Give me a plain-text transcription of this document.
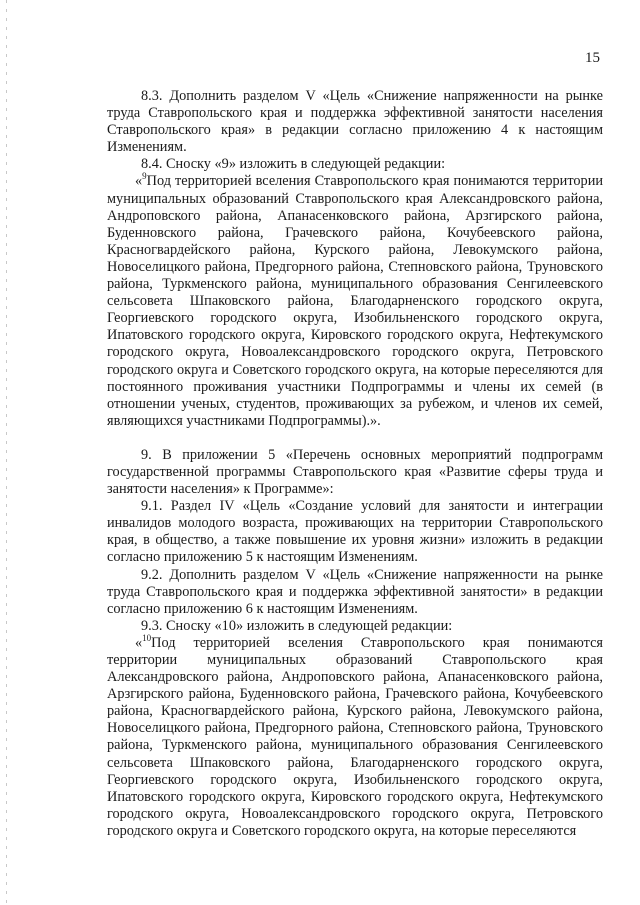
15

8.3. Дополнить разделом V «Цель «Снижение напряженности на рынке труда Ставропольского края и поддержка эффективной занятости населения Ставропольского края» в редакции согласно приложению 4 к настоящим Изменениям.

8.4. Сноску «9» изложить в следующей редакции:

«$^9$Под территорией вселения Ставропольского края понимаются территории муниципальных образований Ставропольского края Александровского района, Андроповского района, Апанасенковского района, Арзгирского района, Буденновского района, Грачевского района, Кочубеевского района, Красногвардейского района, Курского района, Левокумского района, Новоселицкого района, Предгорного района, Степновского района, Труновского района, Туркменского района, муниципального образования Сенгилеевского сельсовета Шпаковского района, Благодарненского городского округа, Георгиевского городского округа, Изобильненского городского округа, Ипатовского городского округа, Кировского городского округа, Нефтекумского городского округа, Новоалександровского городского округа, Петровского городского округа и Советского городского округа, на которые переселяются для постоянного проживания участники Подпрограммы и члены их семей (в отношении ученых, студентов, проживающих за рубежом, и членов их семей, являющихся участниками Подпрограммы).».

9. В приложении 5 «Перечень основных мероприятий подпрограмм государственной программы Ставропольского края «Развитие сферы труда и занятости населения» к Программе»:

9.1. Раздел IV «Цель «Создание условий для занятости и интеграции инвалидов молодого возраста, проживающих на территории Ставропольского края, в общество, а также повышение их уровня жизни» изложить в редакции согласно приложению 5 к настоящим Изменениям.

9.2. Дополнить разделом V «Цель «Снижение напряженности на рынке труда Ставропольского края и поддержка эффективной занятости» в редакции согласно приложению 6 к настоящим Изменениям.

9.3. Сноску «10» изложить в следующей редакции:

«$^{10}$Под территорией вселения Ставропольского края понимаются территории муниципальных образований Ставропольского края Александровского района, Андроповского района, Апанасенковского района, Арзгирского района, Буденновского района, Грачевского района, Кочубеевского района, Красногвардейского района, Курского района, Левокумского района, Новоселицкого района, Предгорного района, Степновского района, Труновского района, Туркменского района, муниципального образования Сенгилеевского сельсовета Шпаковского района, Благодарненского городского округа, Георгиевского городского округа, Изобильненского городского округа, Ипатовского городского округа, Кировского городского округа, Нефтекумского городского округа, Новоалександровского городского округа, Петровского городского округа и Советского городского округа, на которые переселяются
